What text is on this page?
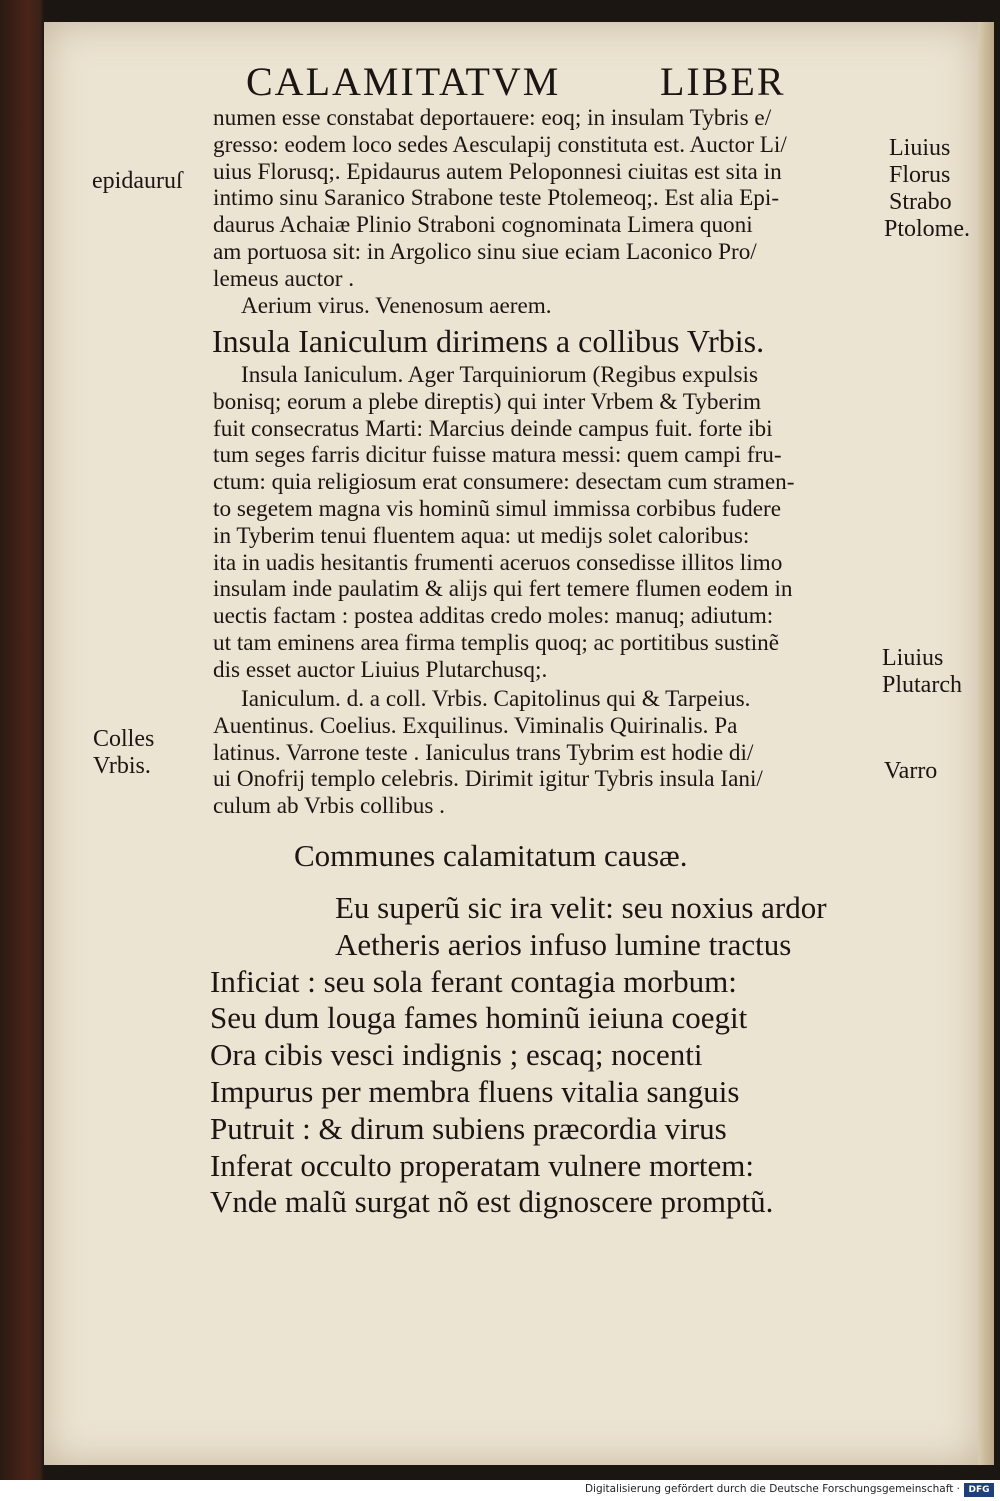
CALAMITATVM LIBER
numen esse constabat deportauere: eoq; in insulam Tybris e/
gresso: eodem loco sedes Aesculapij constituta est. Auctor Li/
uius Florusq;. Epidaurus autem Peloponnesi ciuitas est sita in
intimo sinu Saranico Strabone teste Ptolemeoq;. Est alia Epi-
daurus Achaiæ Plinio Straboni cognominata Limera quoni
am portuosa sit: in Argolico sinu siue eciam Laconico Pro/
lemeus auctor .
Aerium virus. Venenosum aerem.
Insula Ianiculum dirimens a collibus Vrbis.
Insula Ianiculum. Ager Tarquiniorum (Regibus expulsis
bonisq; eorum a plebe direptis) qui inter Vrbem & Tyberim
fuit consecratus Marti: Marcius deinde campus fuit. forte ibi
tum seges farris dicitur fuisse matura messi: quem campi fru-
ctum: quia religiosum erat consumere: desectam cum stramen-
to segetem magna vis hominũ simul immissa corbibus fudere
in Tyberim tenui fluentem aqua: ut medijs solet caloribus:
ita in uadis hesitantis frumenti aceruos consedisse illitos limo
insulam inde paulatim & alijs qui fert temere flumen eodem in
uectis factam : postea additas credo moles: manuq; adiutum:
ut tam eminens area firma templis quoq; ac portitibus sustinẽ
dis esset auctor Liuius Plutarchusq;.
Ianiculum. d. a coll. Vrbis. Capitolinus qui & Tarpeius.
Auentinus. Coelius. Exquilinus. Viminalis Quirinalis. Pa
latinus. Varrone teste . Ianiculus trans Tybrim est hodie di/
ui Onofrij templo celebris. Dirimit igitur Tybris insula Iani/
culum ab Vrbis collibus .
Communes calamitatum causæ.
Eu superũ sic ira velit: seu noxius ardor
Aetheris aerios infuso lumine tractus
Inficiat : seu sola ferant contagia morbum:
Seu dum louga fames hominũ ieiuna coegit
Ora cibis vesci indignis ; escaq; nocenti
Impurus per membra fluens vitalia sanguis
Putruit : & dirum subiens præcordia virus
Inferat occulto properatam vulnere mortem:
Vnde malũ surgat nõ est dignoscere promptũ.
epidauruſ
Colles
Vrbis.
Liuius
Florus
Strabo
Ptolome.
Liuius
Plutarch
Varro
Digitalisierung gefördert durch die Deutsche Forschungsgemeinschaft · DFG
